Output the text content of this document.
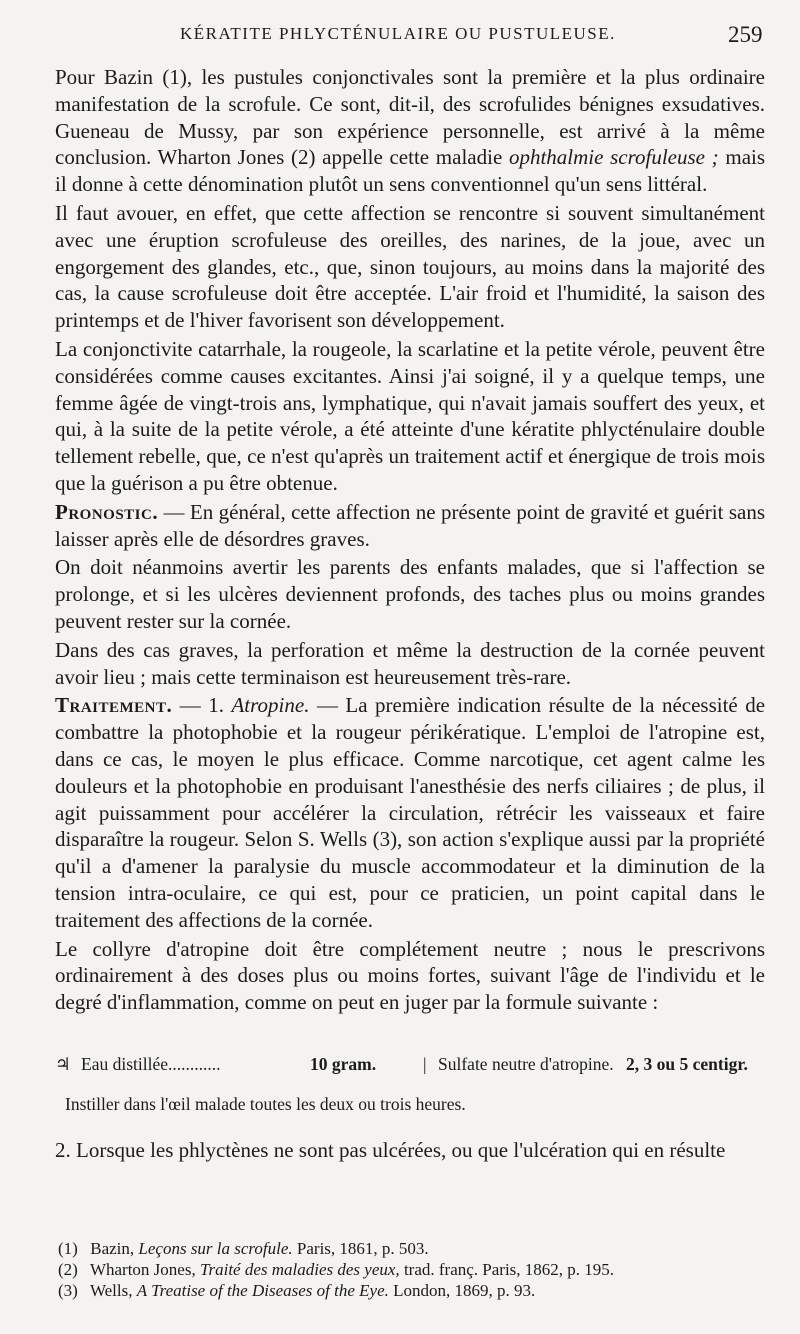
KÉRATITE PHLYCTÉNULAIRE OU PUSTULEUSE.	259

Pour Bazin (1), les pustules conjonctivales sont la première et la plus ordinaire manifestation de la scrofule. Ce sont, dit-il, des scrofulides bénignes exsudatives. Gueneau de Mussy, par son expérience personnelle, est arrivé à la même conclusion. Wharton Jones (2) appelle cette maladie ophthalmie scrofuleuse ; mais il donne à cette dénomination plutôt un sens conventionnel qu'un sens littéral.

Il faut avouer, en effet, que cette affection se rencontre si souvent simultanément avec une éruption scrofuleuse des oreilles, des narines, de la joue, avec un engorgement des glandes, etc., que, sinon toujours, au moins dans la majorité des cas, la cause scrofuleuse doit être acceptée. L'air froid et l'humidité, la saison des printemps et de l'hiver favorisent son développement.

La conjonctivite catarrhale, la rougeole, la scarlatine et la petite vérole, peuvent être considérées comme causes excitantes. Ainsi j'ai soigné, il y a quelque temps, une femme âgée de vingt-trois ans, lymphatique, qui n'avait jamais souffert des yeux, et qui, à la suite de la petite vérole, a été atteinte d'une kératite phlycténulaire double tellement rebelle, que, ce n'est qu'après un traitement actif et énergique de trois mois que la guérison a pu être obtenue.

Pronostic. — En général, cette affection ne présente point de gravité et guérit sans laisser après elle de désordres graves.

On doit néanmoins avertir les parents des enfants malades, que si l'affection se prolonge, et si les ulcères deviennent profonds, des taches plus ou moins grandes peuvent rester sur la cornée.

Dans des cas graves, la perforation et même la destruction de la cornée peuvent avoir lieu ; mais cette terminaison est heureusement très-rare.

Traitement. — 1. Atropine. — La première indication résulte de la nécessité de combattre la photophobie et la rougeur périkératique. L'emploi de l'atropine est, dans ce cas, le moyen le plus efficace. Comme narcotique, cet agent calme les douleurs et la photophobie en produisant l'anesthésie des nerfs ciliaires ; de plus, il agit puissamment pour accélérer la circulation, rétrécir les vaisseaux et faire disparaître la rougeur. Selon S. Wells (3), son action s'explique aussi par la propriété qu'il a d'amener la paralysie du muscle accommodateur et la diminution de la tension intra-oculaire, ce qui est, pour ce praticien, un point capital dans le traitement des affections de la cornée.

Le collyre d'atropine doit être complétement neutre ; nous le prescrivons ordinairement à des doses plus ou moins fortes, suivant l'âge de l'individu et le degré d'inflammation, comme on peut en juger par la formule suivante :

♃ Eau distillée............	10 gram.	| Sulfate neutre d'atropine. 2, 3 ou 5 centigr.
Instiller dans l'œil malade toutes les deux ou trois heures.

2. Lorsque les phlyctènes ne sont pas ulcérées, ou que l'ulcération qui en résulte

(1) Bazin, Leçons sur la scrofule. Paris, 1861, p. 503.
(2) Wharton Jones, Traité des maladies des yeux, trad. franç. Paris, 1862, p. 195.
(3) Wells, A Treatise of the Diseases of the Eye. London, 1869, p. 93.
